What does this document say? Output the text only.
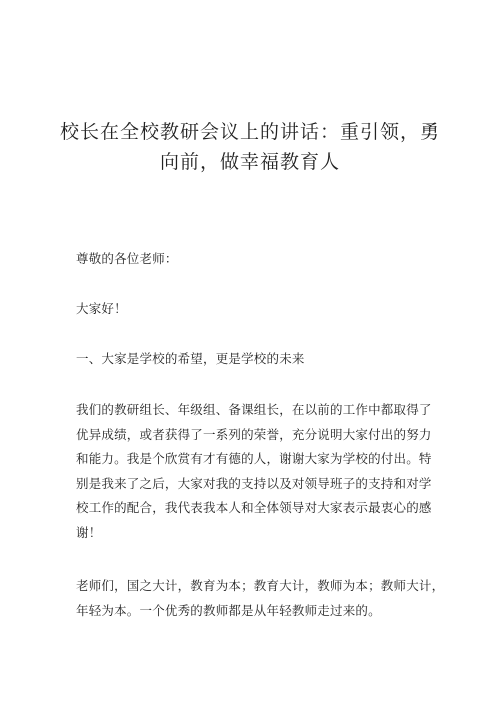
校长在全校教研会议上的讲话：重引领，勇
向前，做幸福教育人
尊敬的各位老师：
大家好！
一、大家是学校的希望，更是学校的未来
我们的教研组长、年级组、备课组长，在以前的工作中都取得了
优异成绩，或者获得了一系列的荣誉，充分说明大家付出的努力
和能力。我是个欣赏有才有德的人，谢谢大家为学校的付出。特
别是我来了之后，大家对我的支持以及对领导班子的支持和对学
校工作的配合，我代表我本人和全体领导对大家表示最衷心的感
谢！
老师们，国之大计，教育为本；教育大计，教师为本；教师大计，
年轻为本。一个优秀的教师都是从年轻教师走过来的。
